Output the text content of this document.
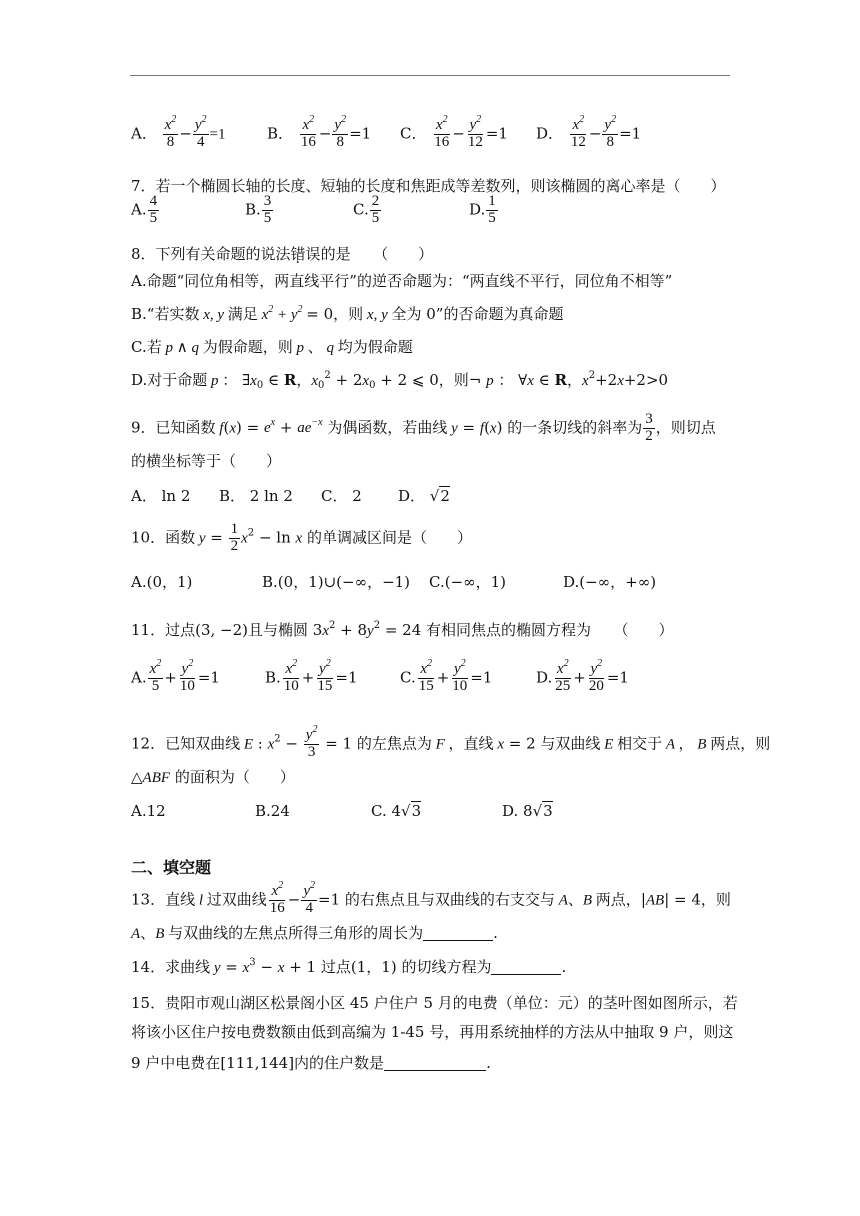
A． $\frac{x^2}{8} - \frac{y^2}{4} =1$	B． $\frac{x^2}{16} - \frac{y^2}{8} =1$ C． $\frac{x^2}{16} - \frac{y^2}{12} =1$ D． $\frac{x^2}{12} - \frac{y^2}{8} =1$
7．若一个椭圆长轴的长度、短轴的长度和焦距成等差数列，则该椭圆的离心率是（　　）
A. $\frac{4}{5}$	B. $\frac{3}{5}$	C. $\frac{2}{5}$	D. $\frac{1}{5}$
8．下列有关命题的说法错误的是　　（　　）
A.命题“同位角相等，两直线平行”的逆否命题为：“两直线不平行，同位角不相等”
B.“若实数 x, y 满足 $x^2 + y^2 = 0$，则 x, y 全为 0”的否命题为真命题
C.若 p ∧ q 为假命题，则 p 、 q 均为假命题
D.对于命题 p ： $\exists x_0$ ∈ R，$x_0^2 + 2x_0 + 2$ ⩽ 0，则¬ p ： ∀x ∈ R，$x^2+2x+2>0$
9．已知函数 $f(x) = e^x + ae^{-x}$ 为偶函数，若曲线 y = f(x) 的一条切线的斜率为 $\frac{3}{2}$ ，则切点
的横坐标等于（　　）
A． ln 2 B． 2 ln 2 C． 2 D． √2
10．函数 $y = \frac{1}{2} x^2 - \ln x$ 的单调减区间是（　　）
A.(0，1)	B.(0，1)∪(−∞，−1) C.(−∞，1)	D.(−∞，+∞)
11．过点(3, −2)且与椭圆 $3x^2 + 8y^2 = 24$ 有相同焦点的椭圆方程为　　（　　）
A. $\frac{x^2}{5} + \frac{y^2}{10} =1$	B. $\frac{x^2}{10} + \frac{y^2}{15} =1$	C. $\frac{x^2}{15} + \frac{y^2}{10} =1$	D. $\frac{x^2}{25} + \frac{y^2}{20} =1$
12．已知双曲线 E : $x^2 - \frac{y^2}{3} = 1$ 的左焦点为 F ，直线 x = 2 与双曲线 E 相交于 A ， B 两点，则
△ABF 的面积为（　　）
A.12	B.24	C. 4√3	D. 8√3
二、填空题
13．直线 l 过双曲线 $\frac{x^2}{16} - \frac{y^2}{4} =1$ 的右焦点且与双曲线的右支交与 A、B 两点，|AB| = 4，则
A、B 与双曲线的左焦点所得三角形的周长为	.
14．求曲线 $y = x^3 - x + 1$ 过点(1，1) 的切线方程为	.
15．贵阳市观山湖区松景阁小区 45 户住户 5 月的电费（单位：元）的茎叶图如图所示，若
将该小区住户按电费数额由低到高编为 1-45 号，再用系统抽样的方法从中抽取 9 户，则这
9 户中电费在[111,144]内的住户数是	.
